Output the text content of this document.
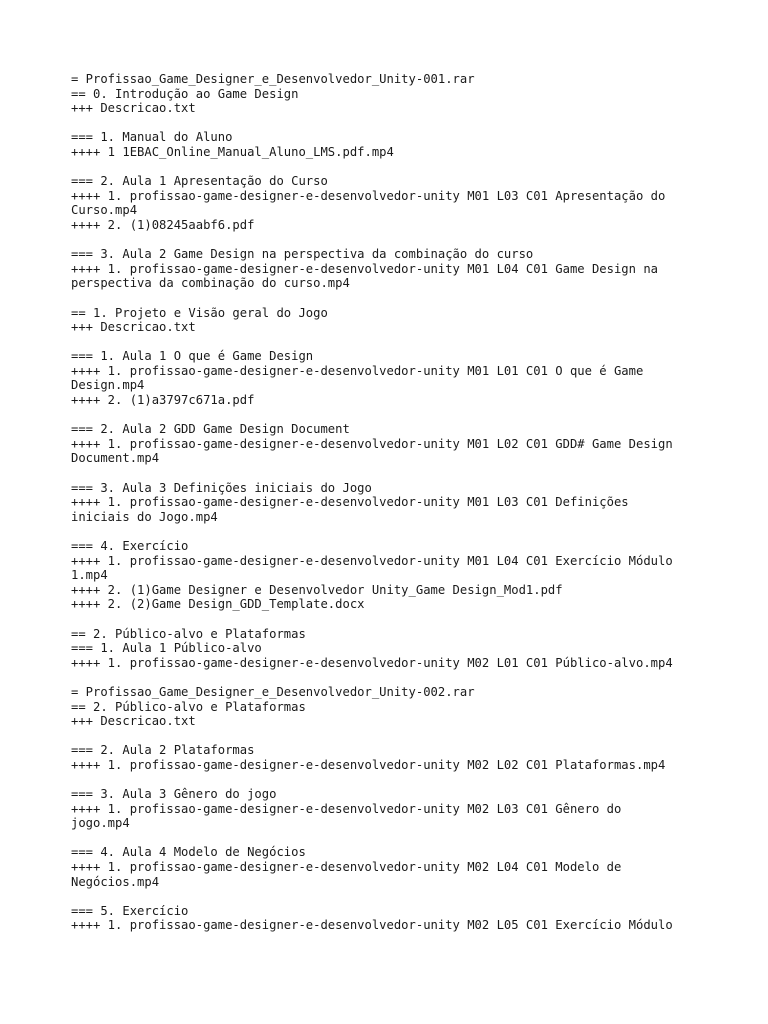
= Profissao_Game_Designer_e_Desenvolvedor_Unity-001.rar
== 0. Introdução ao Game Design
+++ Descricao.txt
=== 1. Manual do Aluno
++++ 1 1EBAC_Online_Manual_Aluno_LMS.pdf.mp4
=== 2. Aula 1 Apresentação do Curso
++++ 1. profissao-game-designer-e-desenvolvedor-unity M01 L03 C01 Apresentação do
Curso.mp4
++++ 2. (1)08245aabf6.pdf
=== 3. Aula 2 Game Design na perspectiva da combinação do curso
++++ 1. profissao-game-designer-e-desenvolvedor-unity M01 L04 C01 Game Design na
perspectiva da combinação do curso.mp4
== 1. Projeto e Visão geral do Jogo
+++ Descricao.txt
=== 1. Aula 1 O que é Game Design
++++ 1. profissao-game-designer-e-desenvolvedor-unity M01 L01 C01 O que é Game
Design.mp4
++++ 2. (1)a3797c671a.pdf
=== 2. Aula 2 GDD Game Design Document
++++ 1. profissao-game-designer-e-desenvolvedor-unity M01 L02 C01 GDD# Game Design
Document.mp4
=== 3. Aula 3 Definições iniciais do Jogo
++++ 1. profissao-game-designer-e-desenvolvedor-unity M01 L03 C01 Definições
iniciais do Jogo.mp4
=== 4. Exercício
++++ 1. profissao-game-designer-e-desenvolvedor-unity M01 L04 C01 Exercício Módulo
1.mp4
++++ 2. (1)Game Designer e Desenvolvedor Unity_Game Design_Mod1.pdf
++++ 2. (2)Game Design_GDD_Template.docx
== 2. Público-alvo e Plataformas
=== 1. Aula 1 Público-alvo
++++ 1. profissao-game-designer-e-desenvolvedor-unity M02 L01 C01 Público-alvo.mp4
= Profissao_Game_Designer_e_Desenvolvedor_Unity-002.rar
== 2. Público-alvo e Plataformas
+++ Descricao.txt
=== 2. Aula 2 Plataformas
++++ 1. profissao-game-designer-e-desenvolvedor-unity M02 L02 C01 Plataformas.mp4
=== 3. Aula 3 Gênero do jogo
++++ 1. profissao-game-designer-e-desenvolvedor-unity M02 L03 C01 Gênero do
jogo.mp4
=== 4. Aula 4 Modelo de Negócios
++++ 1. profissao-game-designer-e-desenvolvedor-unity M02 L04 C01 Modelo de
Negócios.mp4
=== 5. Exercício
++++ 1. profissao-game-designer-e-desenvolvedor-unity M02 L05 C01 Exercício Módulo
